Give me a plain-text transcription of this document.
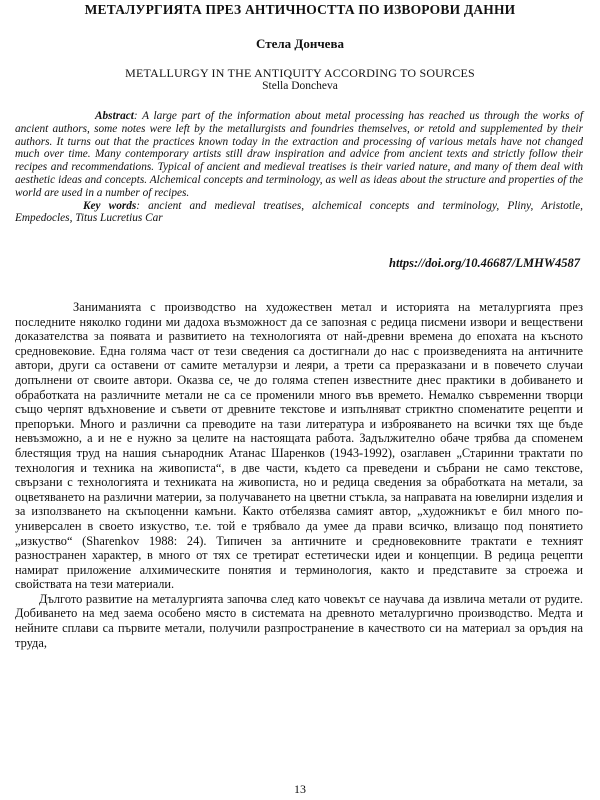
МЕТАЛУРГИЯТА ПРЕЗ АНТИЧНОСТТА ПО ИЗВОРОВИ ДАННИ
Стела Дончева
METALLURGY IN THE ANTIQUITY ACCORDING TO SOURCES
Stella Doncheva
Abstract: A large part of the information about metal processing has reached us through the works of ancient authors, some notes were left by the metallurgists and foundries themselves, or retold and supplemented by their authors. It turns out that the practices known today in the extraction and processing of various metals have not changed much over time. Many contemporary artists still draw inspiration and advice from ancient texts and strictly follow their recipes and recommendations. Typical of ancient and medieval treatises is their varied nature, and many of them deal with aesthetic ideas and concepts. Alchemical concepts and terminology, as well as ideas about the structure and properties of the world are used in a number of recipes.
Key words: ancient and medieval treatises, alchemical concepts and terminology, Pliny, Aristotle, Empedocles, Titus Lucretius Car
https://doi.org/10.46687/LMHW4587

Заниманията с производство на художествен метал и историята на металургията през последните няколко години ми дадоха възможност да се запозная с редица писмени извори и веществени доказателства за появата и развитието на технологията от най-древни времена до епохата на късното средновековие. Една голяма част от тези сведения са достигнали до нас с произведенията на античните автори, други са оставени от самите металурзи и леяри, а трети са преразказани и в повечето случаи допълнени от своите автори. Оказва се, че до голяма степен известните днес практики в добиването и обработката на различните метали не са се променили много във времето. Немалко съвременни творци също черпят вдъхновение и съвети от древните текстове и изпълняват стриктно споменатите рецепти и препоръки. Много и различни са преводите на тази литература и изброяването на всички тях ще бъде невъзможно, а и не е нужно за целите на настоящата работа. Задължително обаче трябва да споменем блестящия труд на нашия сънародник Атанас Шаренков (1943-1992), озаглавен „Старинни трактати по технология и техника на живописта“, в две части, където са преведени и събрани не само текстове, свързани с технологията и техниката на живописта, но и редица сведения за обработката на метали, за оцветяването на различни материи, за получаването на цветни стъкла, за направата на ювелирни изделия и за използването на скъпоценни камъни. Както отбелязва самият автор, „художникът е бил много по-универсален в своето изкуство, т.е. той е трябвало да умее да прави всичко, влизащо под понятието „изкуство“ (Sharenkov 1988: 24). Типичен за античните и средновековните трактати е техният разностранен характер, в много от тях се третират естетически идеи и концепции. В редица рецепти намират приложение алхимическите понятия и терминология, както и представите за строежа и свойствата на тези материали.

Дългото развитие на металургията започва след като човекът се научава да извлича метали от рудите. Добиването на мед заема особено място в системата на древното металургично производство. Медта и нейните сплави са първите метали, получили разпространение в качеството си на материал за оръдия на труда,

13
